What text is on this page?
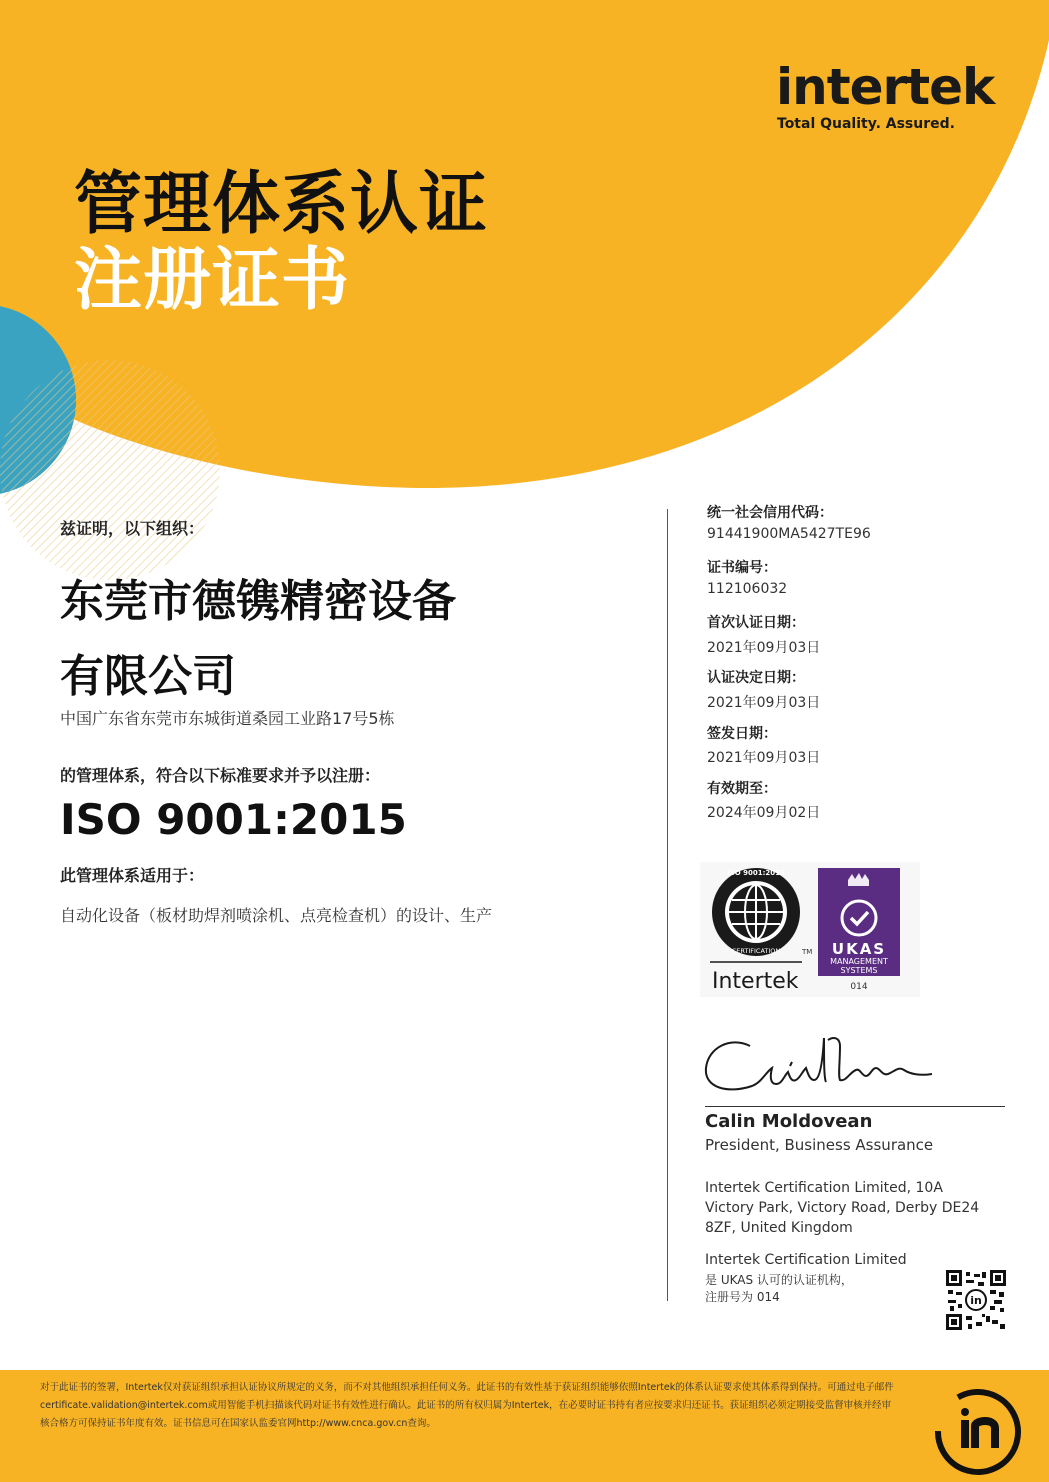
intertek
Total Quality. Assured.
管理体系认证
注册证书
兹证明，以下组织：
东莞市德镌精密设备
有限公司
中国广东省东莞市东城街道桑园工业路17号5栋
的管理体系，符合以下标准要求并予以注册：
ISO 9001:2015
此管理体系适用于：
自动化设备（板材助焊剂喷涂机、点亮检查机）的设计、生产
统一社会信用代码：
91441900MA5427TE96
证书编号：
112106032
首次认证日期：
2021年09月03日
认证决定日期：
2021年09月03日
签发日期：
2021年09月03日
有效期至：
2024年09月02日
ISO 9001:2015
CERTIFICATION	TM
Intertek
UKAS
MANAGEMENT
SYSTEMS
014
Calin Moldovean
President, Business Assurance
Intertek Certification Limited, 10A Victory Park, Victory Road, Derby DE24 8ZF, United Kingdom
Intertek Certification Limited
是 UKAS 认可的认证机构，
注册号为 014	in
对于此证书的签署，Intertek仅对获证组织承担认证协议所规定的义务，而不对其他组织承担任何义务。此证书的有效性基于获证组织能够依照Intertek的体系认证要求使其体系得到保持。可通过电子邮件certificate.validation@intertek.com或用智能手机扫描该代码对证书有效性进行确认。此证书的所有权归属为Intertek，在必要时证书持有者应按要求归还证书。获证组织必须定期接受监督审核并经审核合格方可保持证书年度有效。证书信息可在国家认监委官网http://www.cnca.gov.cn查询。
